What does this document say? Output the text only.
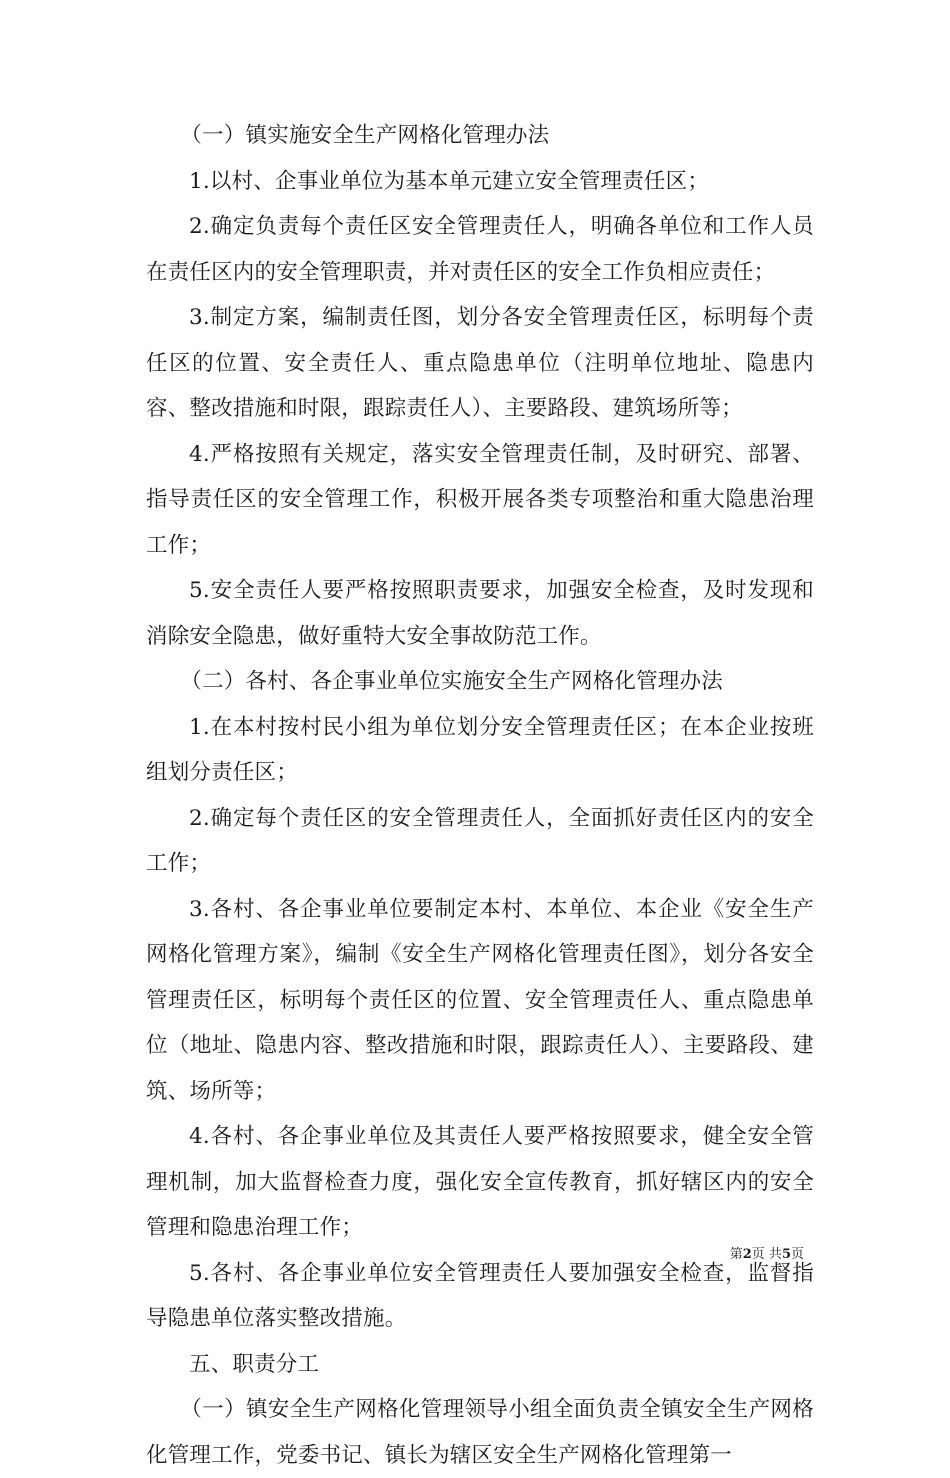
（一）镇实施安全生产网格化管理办法

1.以村、企事业单位为基本单元建立安全管理责任区；

2.确定负责每个责任区安全管理责任人，明确各单位和工作人员在责任区内的安全管理职责，并对责任区的安全工作负相应责任；

3.制定方案，编制责任图，划分各安全管理责任区，标明每个责任区的位置、安全责任人、重点隐患单位（注明单位地址、隐患内容、整改措施和时限，跟踪责任人）、主要路段、建筑场所等；

4.严格按照有关规定，落实安全管理责任制，及时研究、部署、指导责任区的安全管理工作，积极开展各类专项整治和重大隐患治理工作；

5.安全责任人要严格按照职责要求，加强安全检查，及时发现和消除安全隐患，做好重特大安全事故防范工作。

（二）各村、各企事业单位实施安全生产网格化管理办法

1.在本村按村民小组为单位划分安全管理责任区；在本企业按班组划分责任区；

2.确定每个责任区的安全管理责任人，全面抓好责任区内的安全工作；

3.各村、各企事业单位要制定本村、本单位、本企业《安全生产网格化管理方案》，编制《安全生产网格化管理责任图》，划分各安全管理责任区，标明每个责任区的位置、安全管理责任人、重点隐患单位（地址、隐患内容、整改措施和时限，跟踪责任人）、主要路段、建筑、场所等；

4.各村、各企事业单位及其责任人要严格按照要求，健全安全管理机制，加大监督检查力度，强化安全宣传教育，抓好辖区内的安全管理和隐患治理工作；

5.各村、各企事业单位安全管理责任人要加强安全检查，监督指导隐患单位落实整改措施。

五、职责分工

（一）镇安全生产网格化管理领导小组全面负责全镇安全生产网格化管理工作，党委书记、镇长为辖区安全生产网格化管理第一

第2页 共5页
